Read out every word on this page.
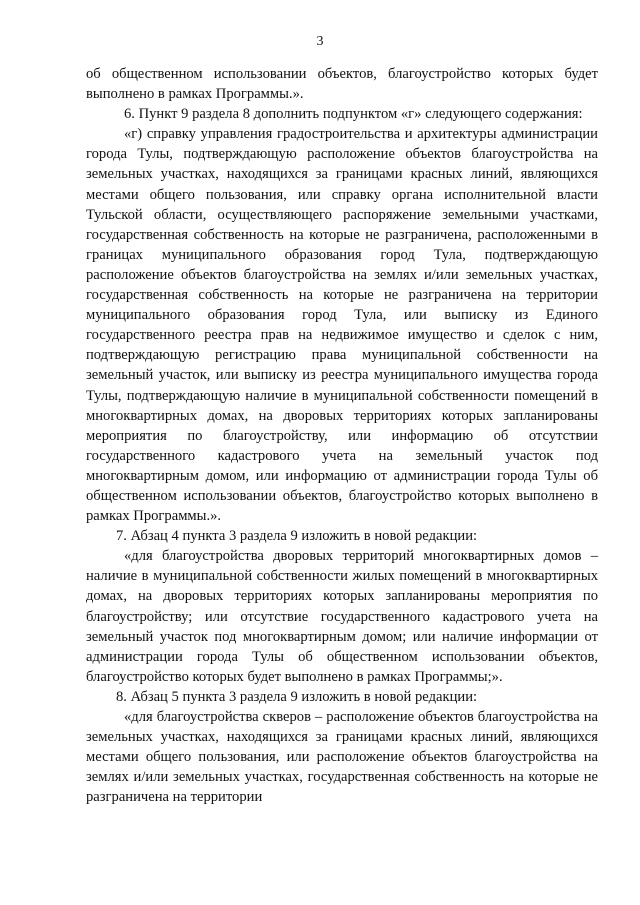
3

об общественном использовании объектов, благоустройство которых будет выполнено в рамках Программы.».

6. Пункт 9 раздела 8 дополнить подпунктом «г» следующего содержания:

«г) справку управления градостроительства и архитектуры администрации города Тулы, подтверждающую расположение объектов благоустройства на земельных участках, находящихся за границами красных линий, являющихся местами общего пользования, или справку органа исполнительной власти Тульской области, осуществляющего распоряжение земельными участками, государственная собственность на которые не разграничена, расположенными в границах муниципального образования город Тула, подтверждающую расположение объектов благоустройства на землях и/или земельных участках, государственная собственность на которые не разграничена на территории муниципального образования город Тула, или выписку из Единого государственного реестра прав на недвижимое имущество и сделок с ним, подтверждающую регистрацию права муниципальной собственности на земельный участок, или выписку из реестра муниципального имущества города Тулы, подтверждающую наличие в муниципальной собственности помещений в многоквартирных домах, на дворовых территориях которых запланированы мероприятия по благоустройству, или информацию об отсутствии государственного кадастрового учета на земельный участок под многоквартирным домом, или информацию от администрации города Тулы об общественном использовании объектов, благоустройство которых выполнено в рамках Программы.».

7. Абзац 4 пункта 3 раздела 9 изложить в новой редакции:

«для благоустройства дворовых территорий многоквартирных домов – наличие в муниципальной собственности жилых помещений в многоквартирных домах, на дворовых территориях которых запланированы мероприятия по благоустройству; или отсутствие государственного кадастрового учета на земельный участок под многоквартирным домом; или наличие информации от администрации города Тулы об общественном использовании объектов, благоустройство которых будет выполнено в рамках Программы;».

8. Абзац 5 пункта 3 раздела 9 изложить в новой редакции:

«для благоустройства скверов – расположение объектов благоустройства на земельных участках, находящихся за границами красных линий, являющихся местами общего пользования, или расположение объектов благоустройства на землях и/или земельных участках, государственная собственность на которые не разграничена на территории
